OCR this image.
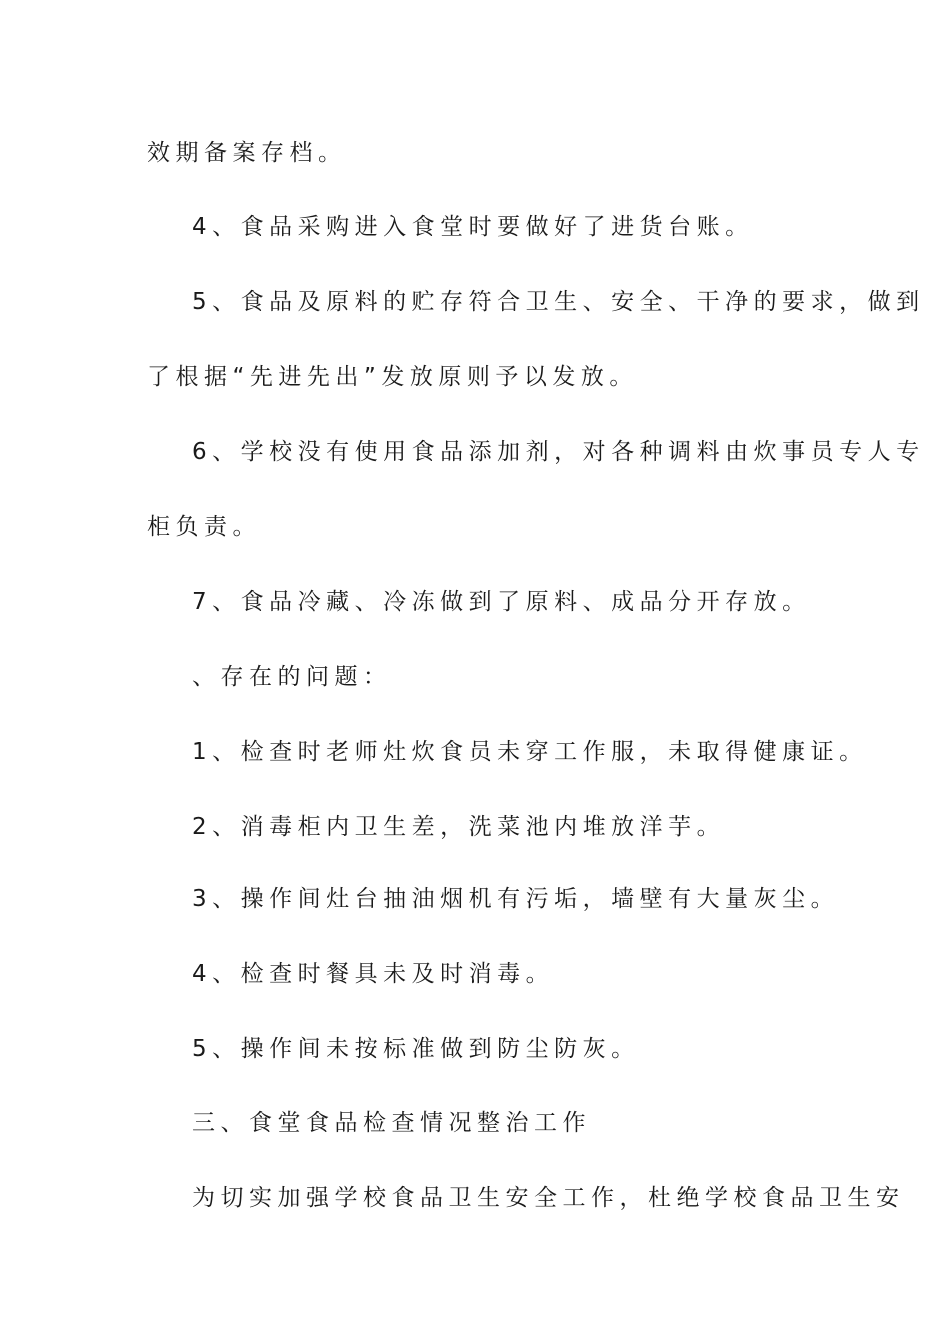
效期备案存档。
4、食品采购进入食堂时要做好了进货台账。
5、食品及原料的贮存符合卫生、安全、干净的要求，做到
了根据“先进先出”发放原则予以发放。
6、学校没有使用食品添加剂，对各种调料由炊事员专人专
柜负责。
7、食品冷藏、冷冻做到了原料、成品分开存放。
、存在的问题：
1、检查时老师灶炊食员未穿工作服，未取得健康证。
2、消毒柜内卫生差，洗菜池内堆放洋芋。
3、操作间灶台抽油烟机有污垢，墙壁有大量灰尘。
4、检查时餐具未及时消毒。
5、操作间未按标准做到防尘防灰。
三、食堂食品检查情况整治工作
为切实加强学校食品卫生安全工作，杜绝学校食品卫生安
